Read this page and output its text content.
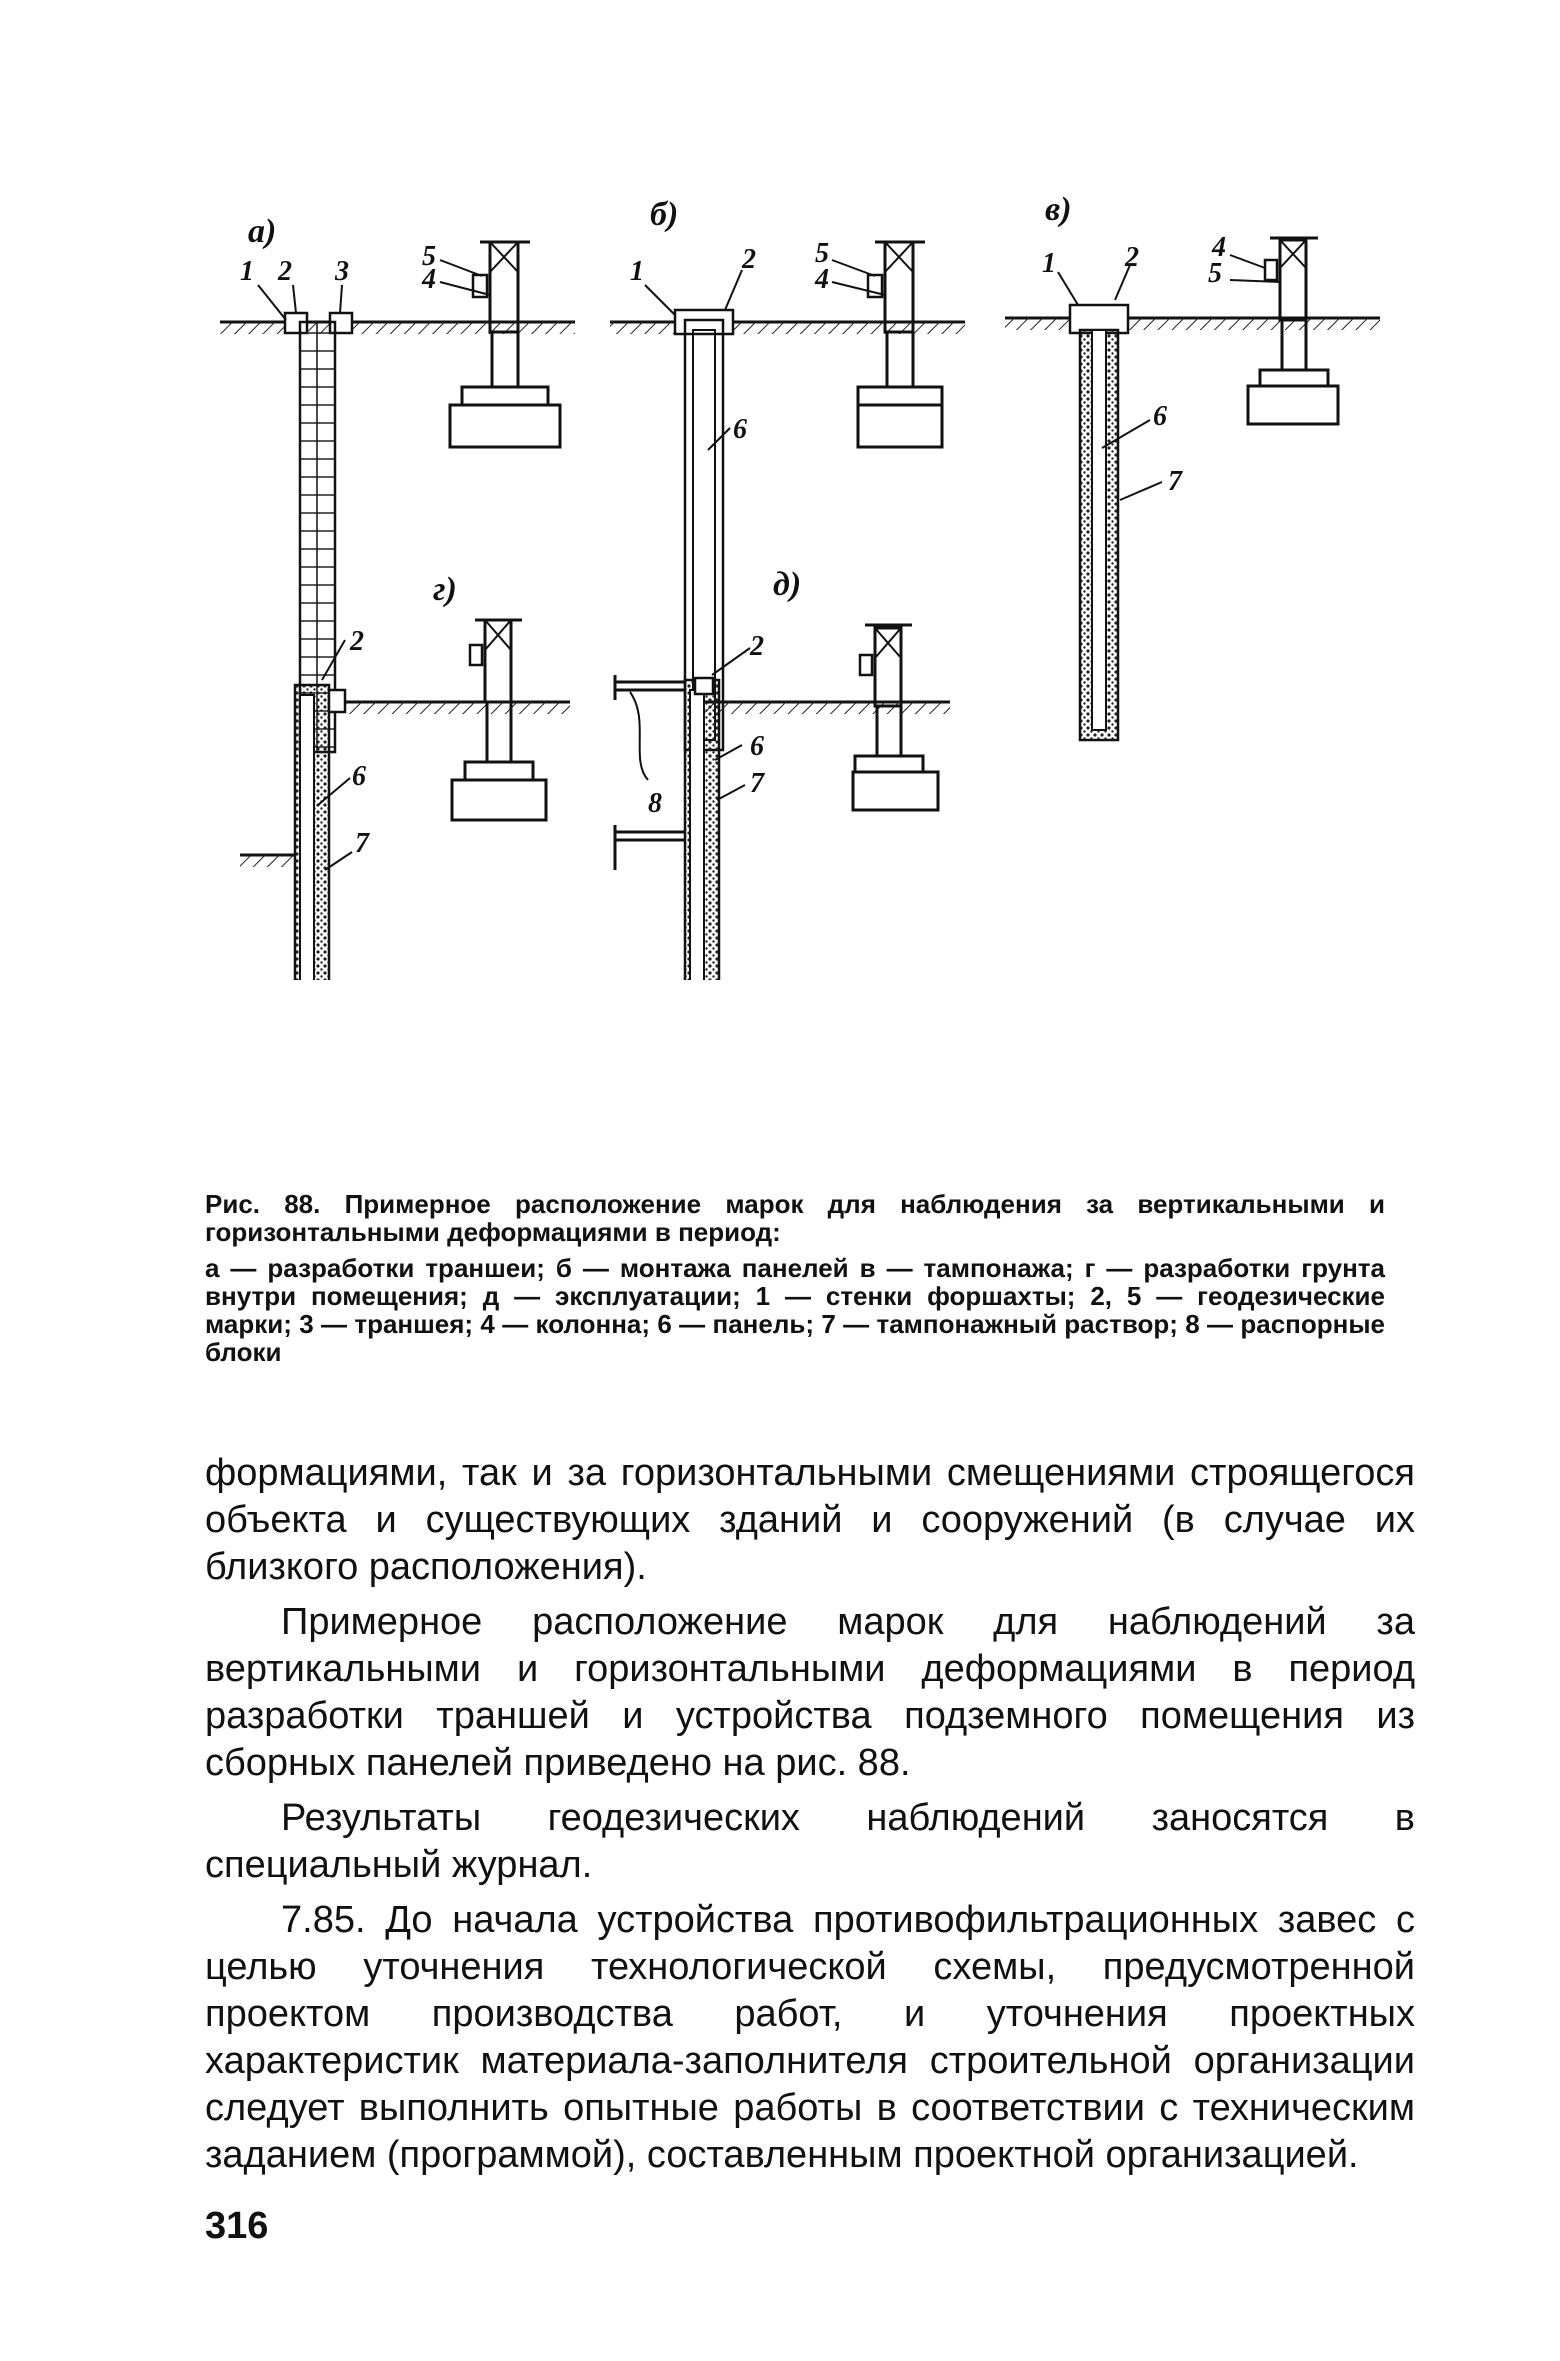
а)
1 2 3	5
4
б)
1	2 5
4
6
в)
1 2	4
5
6
7
г)
2
6
7
д)
2
6
7
8
Рис. 88. Примерное расположение марок для наблюдения за вертикальными и горизонтальными деформациями в период:
а — разработки траншеи; б — монтажа панелей в — тампонажа; г — разработки грунта внутри помещения; д — эксплуатации; 1 — стенки форшахты; 2, 5 — геодезические марки; 3 — траншея; 4 — колонна; 6 — панель; 7 — тампонажный раствор; 8 — распорные блоки

формациями, так и за горизонтальными смещениями строящегося объекта и существующих зданий и сооружений (в случае их близкого расположения).

Примерное расположение марок для наблюдений за вертикальными и горизонтальными деформациями в период разработки траншей и устройства подземного помещения из сборных панелей приведено на рис. 88.

Результаты геодезических наблюдений заносятся в специальный журнал.

7.85. До начала устройства противофильтрационных завес с целью уточнения технологической схемы, предусмотренной проектом производства работ, и уточнения проектных характеристик материала-заполнителя строительной организации следует выполнить опытные работы в соответствии с техническим заданием (программой), составленным проектной организацией.

316
